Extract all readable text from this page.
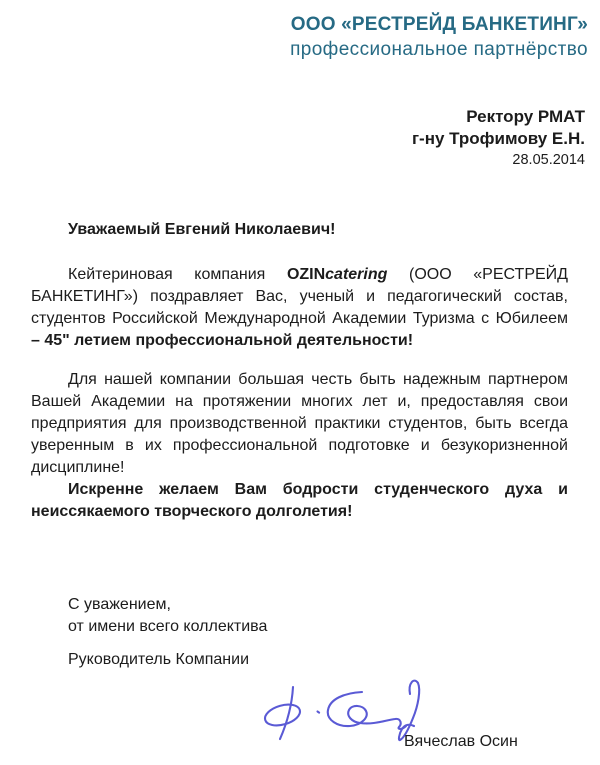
ООО «РЕСТРЕЙД БАНКЕТИНГ»
профессиональное партнёрство
Ректору РМАТ
г-ну Трофимову Е.Н.
28.05.2014
Уважаемый Евгений Николаевич!

Кейтериновая компания OZINcatering (ООО «РЕСТРЕЙД БАНКЕТИНГ») поздравляет Вас, ученый и педагогический состав, студентов Российской Международной Академии Туризма с Юбилеем – 45" летием профессиональной деятельности!

Для нашей компании большая честь быть надежным партнером Вашей Академии на протяжении многих лет и, предоставляя свои предприятия для производственной практики студентов, быть всегда уверенным в их профессиональной подготовке и безукоризненной дисциплине!

Искренне желаем Вам бодрости студенческого духа и неиссякаемого творческого долголетия!

С уважением,
от имени всего коллектива
Руководитель Компании
Вячеслав Осин
